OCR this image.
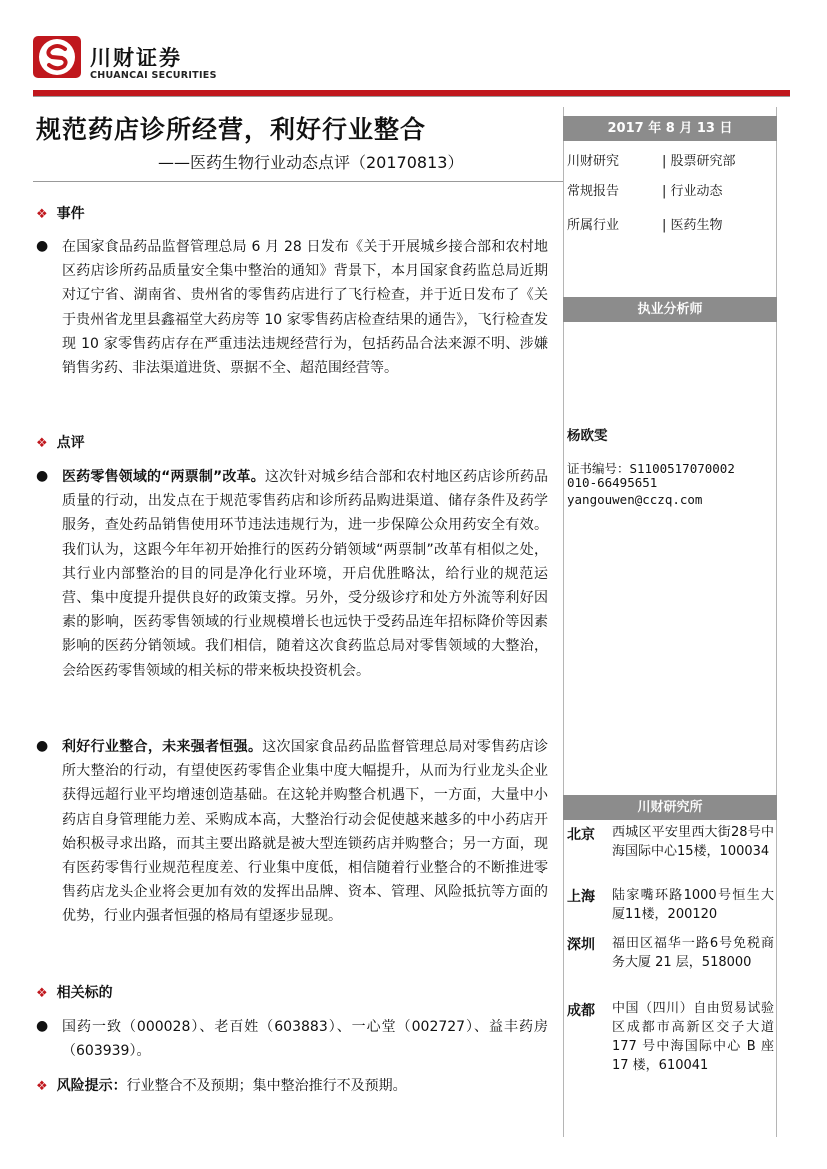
川财证券
CHUANCAI SECURITIES
规范药店诊所经营，利好行业整合
——医药生物行业动态点评（20170813）
2017 年 8 月 13 日
川财研究	| 股票研究部
常规报告	| 行业动态
所属行业	| 医药生物
执业分析师
杨欧雯
证书编号：S1100517070002
010-66495651
yangouwen@cczq.com
川财研究所
北京 西城区平安里西大街28号中海国际中心15楼，100034
上海 陆家嘴环路1000号恒生大厦11楼，200120
深圳 福田区福华一路6号免税商务大厦 21 层，518000
成都 中国（四川）自由贸易试验区成都市高新区交子大道 177 号中海国际中心 B 座 17 楼，610041
❖ 事件
● 在国家食品药品监督管理总局 6 月 28 日发布《关于开展城乡接合部和农村地区药店诊所药品质量安全集中整治的通知》背景下，本月国家食药监总局近期对辽宁省、湖南省、贵州省的零售药店进行了飞行检查，并于近日发布了《关于贵州省龙里县鑫福堂大药房等 10 家零售药店检查结果的通告》，飞行检查发现 10 家零售药店存在严重违法违规经营行为，包括药品合法来源不明、涉嫌销售劣药、非法渠道进货、票据不全、超范围经营等。
❖ 点评
● 医药零售领域的“两票制”改革。这次针对城乡结合部和农村地区药店诊所药品质量的行动，出发点在于规范零售药店和诊所药品购进渠道、储存条件及药学服务，查处药品销售使用环节违法违规行为，进一步保障公众用药安全有效。我们认为，这跟今年年初开始推行的医药分销领域“两票制”改革有相似之处，其行业内部整治的目的同是净化行业环境，开启优胜略汰，给行业的规范运营、集中度提升提供良好的政策支撑。另外，受分级诊疗和处方外流等利好因素的影响，医药零售领域的行业规模增长也远快于受药品连年招标降价等因素影响的医药分销领域。我们相信，随着这次食药监总局对零售领域的大整治，会给医药零售领域的相关标的带来板块投资机会。
● 利好行业整合，未来强者恒强。这次国家食品药品监督管理总局对零售药店诊所大整治的行动，有望使医药零售企业集中度大幅提升，从而为行业龙头企业获得远超行业平均增速创造基础。在这轮并购整合机遇下，一方面，大量中小药店自身管理能力差、采购成本高，大整治行动会促使越来越多的中小药店开始积极寻求出路，而其主要出路就是被大型连锁药店并购整合；另一方面，现有医药零售行业规范程度差、行业集中度低，相信随着行业整合的不断推进零售药店龙头企业将会更加有效的发挥出品牌、资本、管理、风险抵抗等方面的优势，行业内强者恒强的格局有望逐步显现。
❖ 相关标的
● 国药一致（000028）、老百姓（603883）、一心堂（002727）、益丰药房（603939）。
❖ 风险提示：行业整合不及预期；集中整治推行不及预期。
